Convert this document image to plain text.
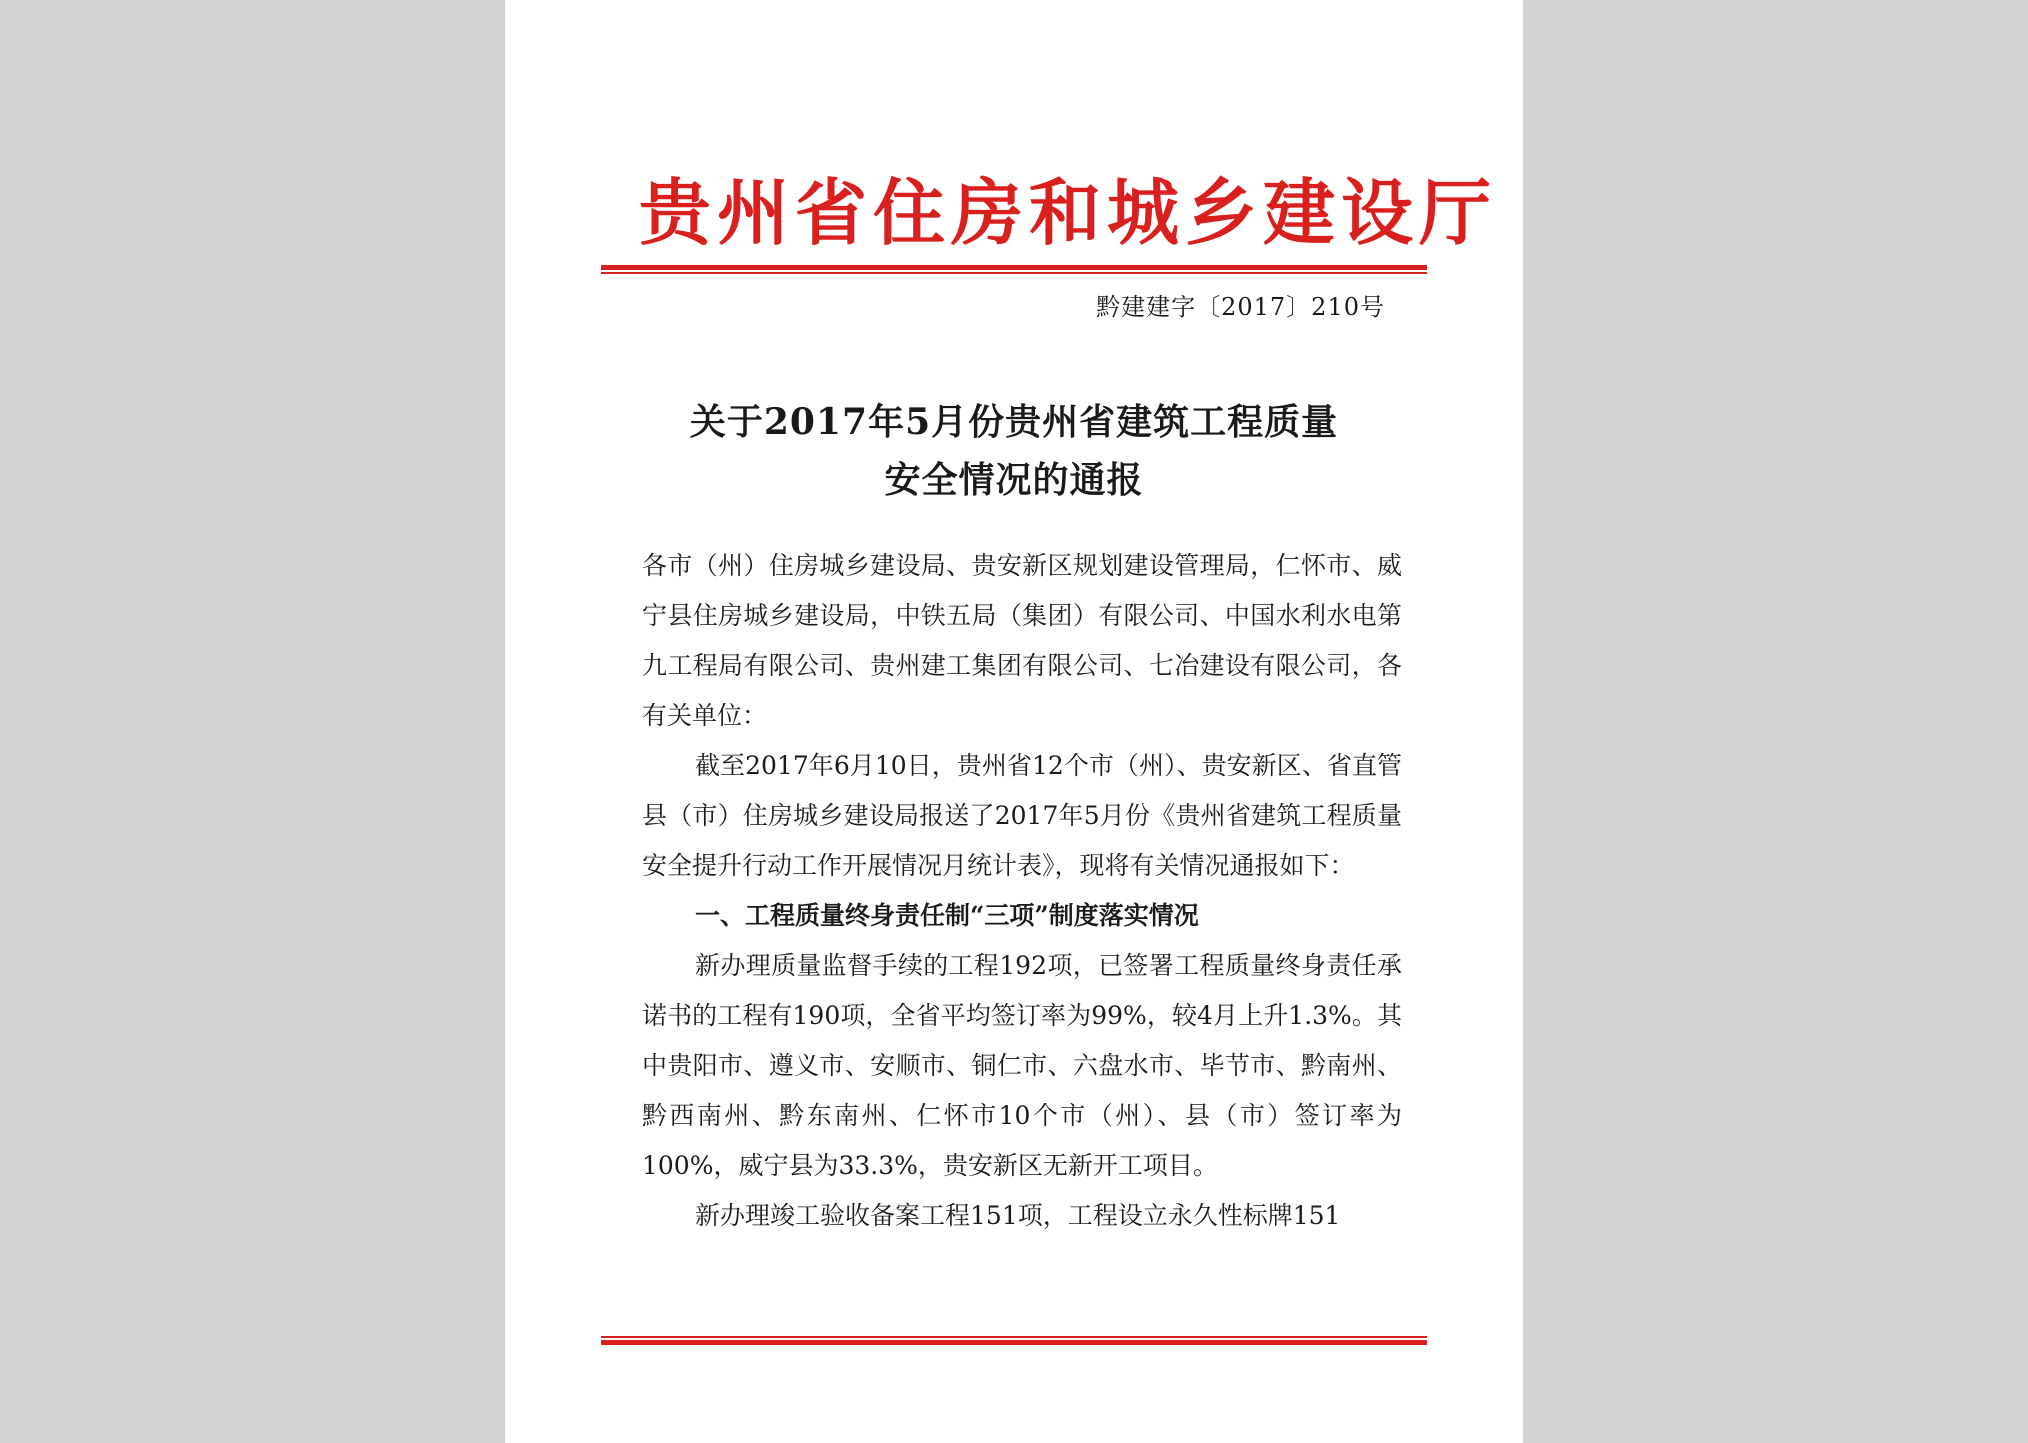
贵州省住房和城乡建设厅
黔建建字〔2017〕210号
关于2017年5月份贵州省建筑工程质量
安全情况的通报

各市（州）住房城乡建设局、贵安新区规划建设管理局，仁怀市、威宁县住房城乡建设局，中铁五局（集团）有限公司、中国水利水电第九工程局有限公司、贵州建工集团有限公司、七冶建设有限公司，各有关单位：

截至2017年6月10日，贵州省12个市（州）、贵安新区、省直管县（市）住房城乡建设局报送了2017年5月份《贵州省建筑工程质量安全提升行动工作开展情况月统计表》，现将有关情况通报如下：

一、工程质量终身责任制“三项”制度落实情况

新办理质量监督手续的工程192项，已签署工程质量终身责任承诺书的工程有190项，全省平均签订率为99%，较4月上升1.3%。其中贵阳市、遵义市、安顺市、铜仁市、六盘水市、毕节市、黔南州、黔西南州、黔东南州、仁怀市10个市（州）、县（市）签订率为100%，威宁县为33.3%，贵安新区无新开工项目。

新办理竣工验收备案工程151项，工程设立永久性标牌151
